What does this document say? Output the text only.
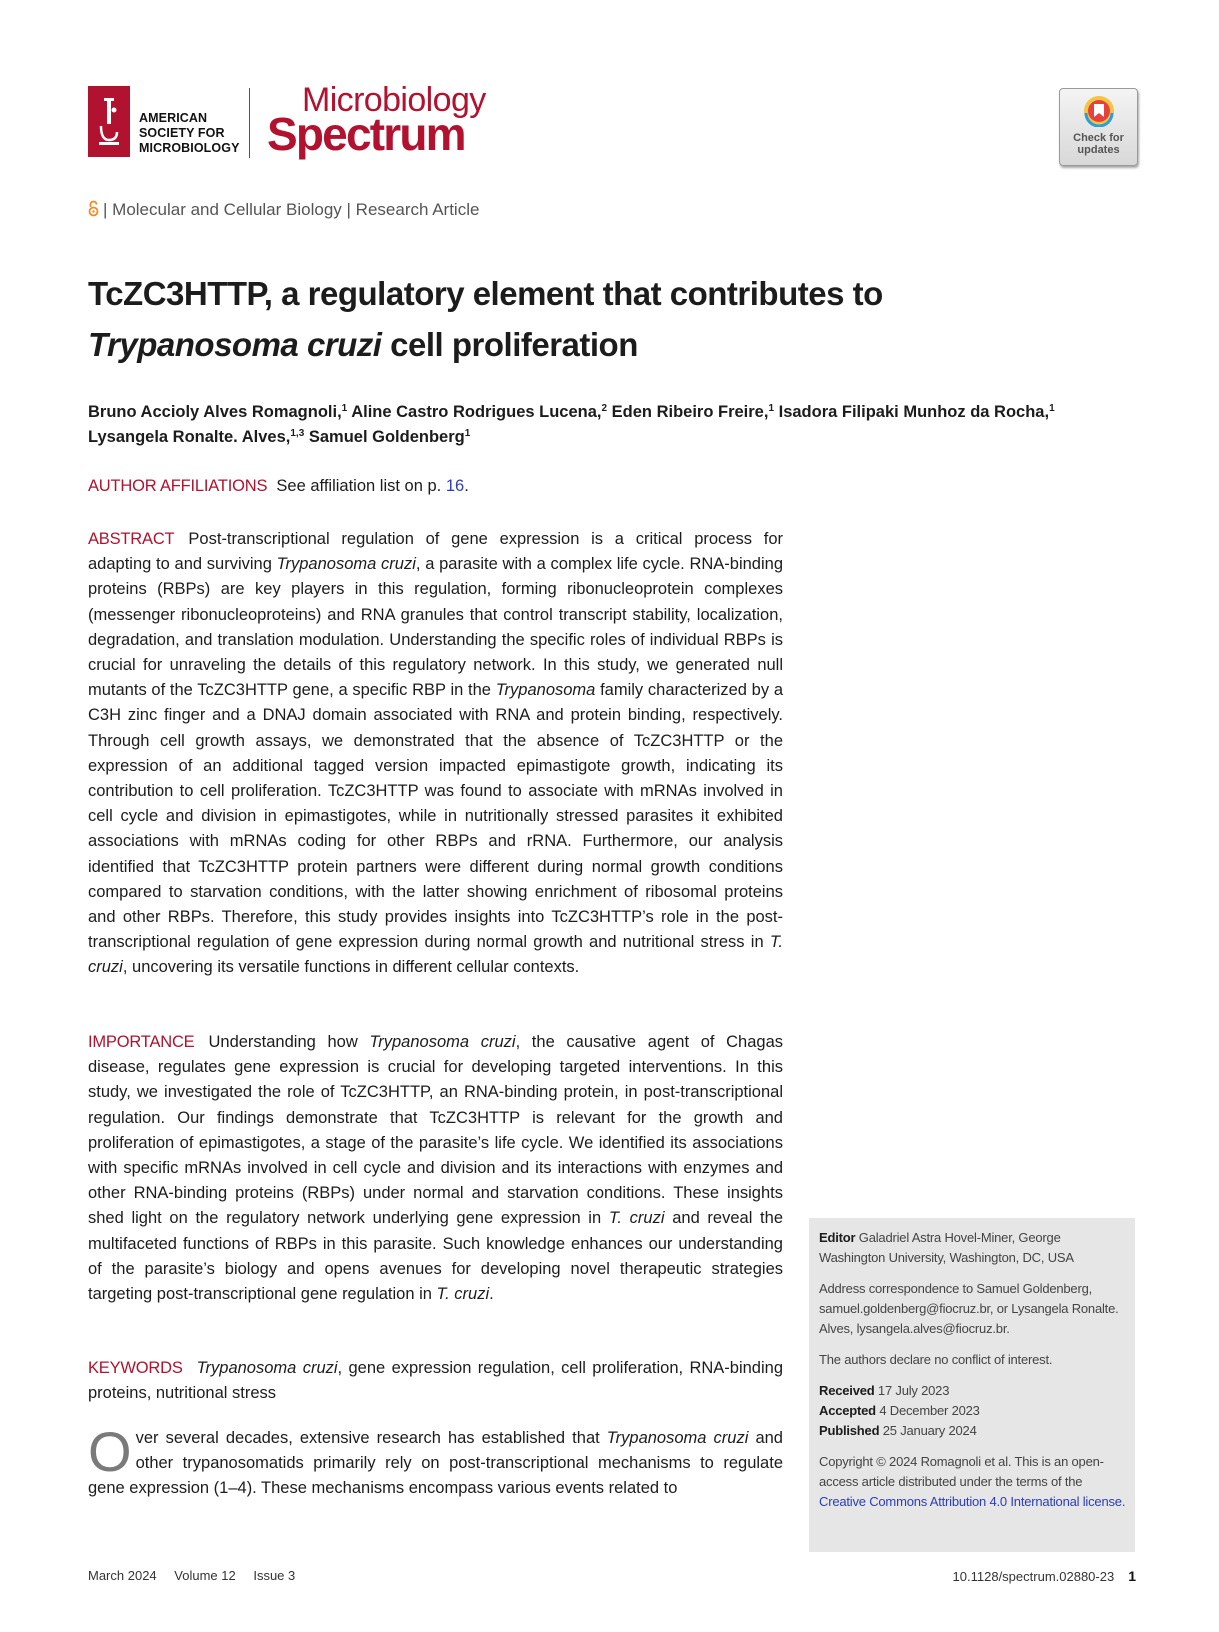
AMERICAN
SOCIETY FOR
MICROBIOLOGY
Microbiology
Spectrum	Check for
updates
| Molecular and Cellular Biology | Research Article
TcZC3HTTP, a regulatory element that contributes to
Trypanosoma cruzi cell proliferation
Bruno Accioly Alves Romagnoli,$^1$ Aline Castro Rodrigues Lucena,$^2$ Eden Ribeiro Freire,$^1$ Isadora Filipaki Munhoz da Rocha,$^1$
Lysangela Ronalte. Alves,$^{1,3}$ Samuel Goldenberg$^1$
AUTHOR AFFILIATIONS See affiliation list on p. 16.
ABSTRACT Post-transcriptional regulation of gene expression is a critical process for adapting to and surviving Trypanosoma cruzi, a parasite with a complex life cycle. RNA-binding proteins (RBPs) are key players in this regulation, forming ribonucleoprotein complexes (messenger ribonucleoproteins) and RNA granules that control transcript stability, localization, degradation, and translation modulation. Understanding the specific roles of individual RBPs is crucial for unraveling the details of this regulatory network. In this study, we generated null mutants of the TcZC3HTTP gene, a specific RBP in the Trypanosoma family characterized by a C3H zinc finger and a DNAJ domain associated with RNA and protein binding, respectively. Through cell growth assays, we demonstrated that the absence of TcZC3HTTP or the expression of an additional tagged version impacted epimastigote growth, indicating its contribution to cell proliferation. TcZC3HTTP was found to associate with mRNAs involved in cell cycle and division in epimastigotes, while in nutritionally stressed parasites it exhibited associations with mRNAs coding for other RBPs and rRNA. Furthermore, our analysis identified that TcZC3HTTP protein partners were different during normal growth conditions compared to starvation conditions, with the latter showing enrichment of ribosomal proteins and other RBPs. Therefore, this study provides insights into TcZC3HTTP’s role in the post-transcriptional regulation of gene expression during normal growth and nutritional stress in T. cruzi, uncovering its versatile functions in different cellular contexts.
IMPORTANCE Understanding how Trypanosoma cruzi, the causative agent of Chagas disease, regulates gene expression is crucial for developing targeted interventions. In this study, we investigated the role of TcZC3HTTP, an RNA-binding protein, in post-transcriptional regulation. Our findings demonstrate that TcZC3HTTP is relevant for the growth and proliferation of epimastigotes, a stage of the parasite’s life cycle. We identified its associations with specific mRNAs involved in cell cycle and division and its interactions with enzymes and other RNA-binding proteins (RBPs) under normal and starvation conditions. These insights shed light on the regulatory network underlying gene expression in T. cruzi and reveal the multifaceted functions of RBPs in this parasite. Such knowledge enhances our understanding of the parasite’s biology and opens avenues for developing novel therapeutic strategies targeting post-transcriptional gene regulation in T. cruzi.
KEYWORDS Trypanosoma cruzi, gene expression regulation, cell proliferation, RNA-binding proteins, nutritional stress
Over several decades, extensive research has established that Trypanosoma cruzi and other trypanosomatids primarily rely on post-transcriptional mechanisms to regulate gene expression (1–4). These mechanisms encompass various events related to

Editor Galadriel Astra Hovel-Miner, George Washington University, Washington, DC, USA

Address correspondence to Samuel Goldenberg, samuel.goldenberg@fiocruz.br, or Lysangela Ronalte. Alves, lysangela.alves@fiocruz.br.

The authors declare no conflict of interest.

Received 17 July 2023

Accepted 4 December 2023

Published 25 January 2024

Copyright © 2024 Romagnoli et al. This is an open-access article distributed under the terms of the Creative Commons Attribution 4.0 International license.

March 2024 Volume 12 Issue 3	10.1128/spectrum.02880-23 1
